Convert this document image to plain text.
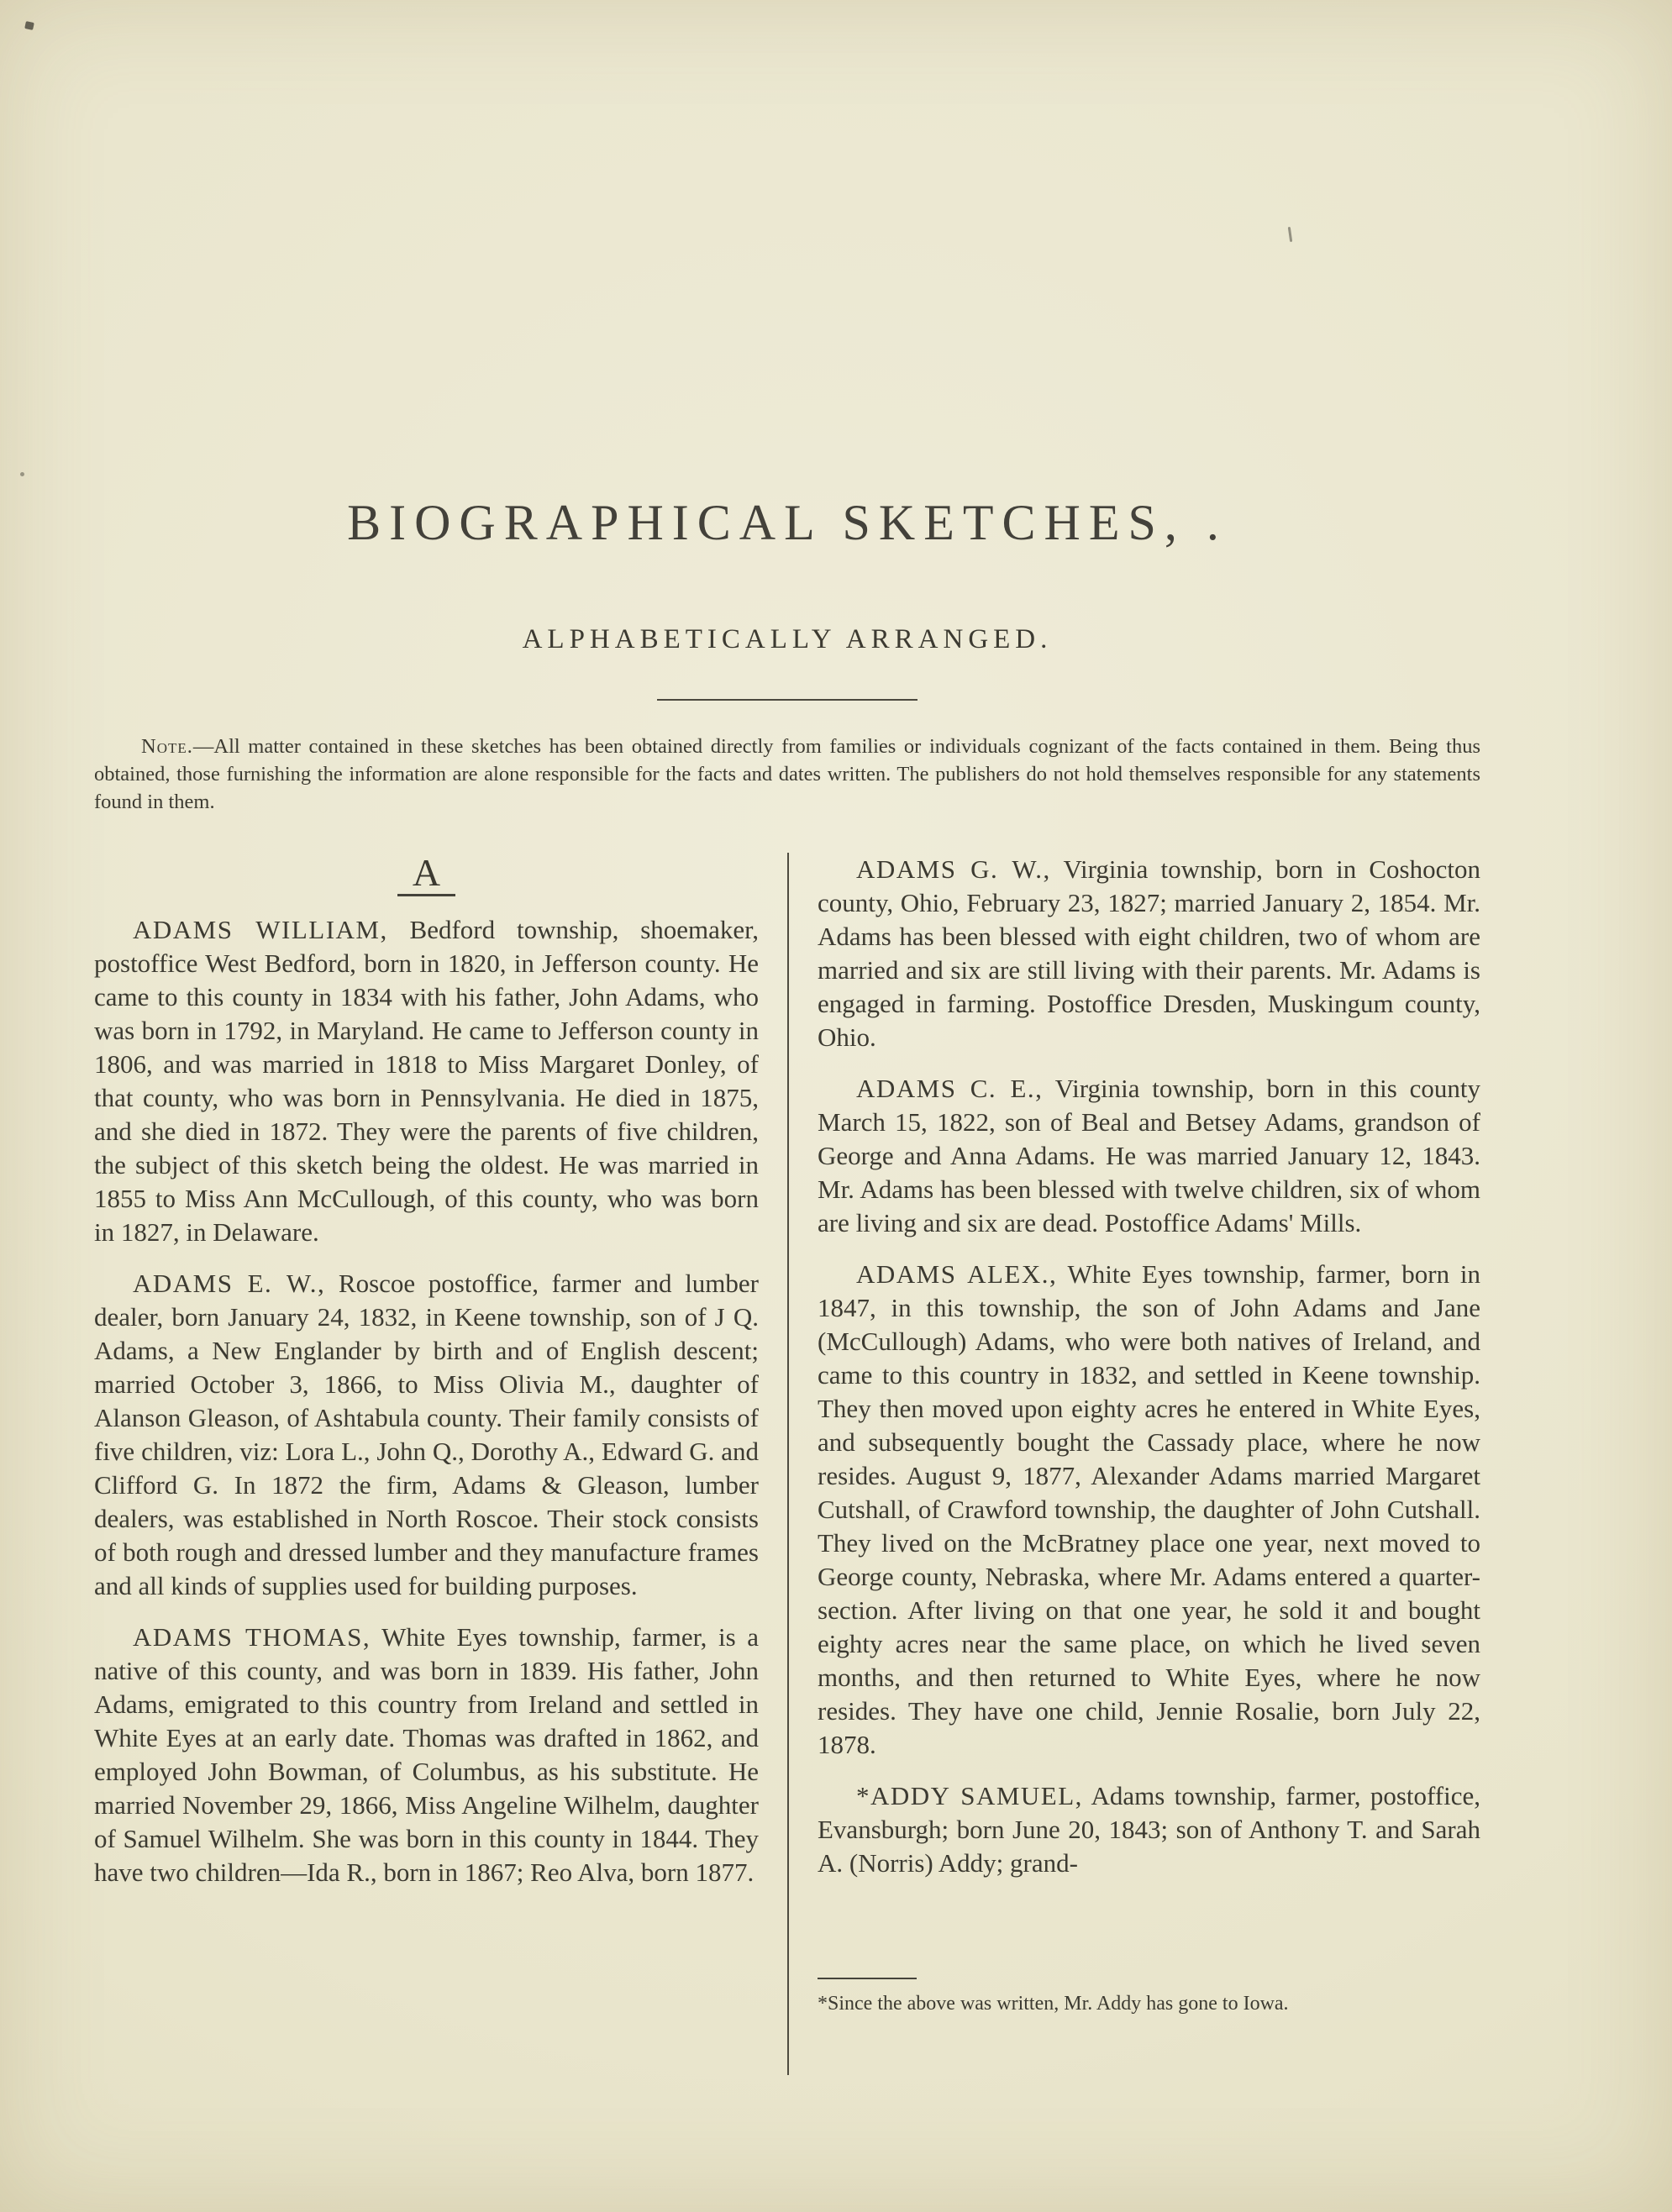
BIOGRAPHICAL SKETCHES, .
ALPHABETICALLY ARRANGED.

Note.—All matter contained in these sketches has been obtained directly from families or individuals cognizant of the facts contained in them. Being thus obtained, those furnishing the information are alone responsible for the facts and dates written. The publishers do not hold themselves responsible for any statements found in them.

A

ADAMS WILLIAM, Bedford township, shoemaker, postoffice West Bedford, born in 1820, in Jefferson county. He came to this county in 1834 with his father, John Adams, who was born in 1792, in Maryland. He came to Jefferson county in 1806, and was married in 1818 to Miss Margaret Donley, of that county, who was born in Pennsylvania. He died in 1875, and she died in 1872. They were the parents of five children, the subject of this sketch being the oldest. He was married in 1855 to Miss Ann McCullough, of this county, who was born in 1827, in Delaware.

ADAMS E. W., Roscoe postoffice, farmer and lumber dealer, born January 24, 1832, in Keene township, son of J Q. Adams, a New Englander by birth and of English descent; married October 3, 1866, to Miss Olivia M., daughter of Alanson Gleason, of Ashtabula county. Their family consists of five children, viz: Lora L., John Q., Dorothy A., Edward G. and Clifford G. In 1872 the firm, Adams & Gleason, lumber dealers, was established in North Roscoe. Their stock consists of both rough and dressed lumber and they manufacture frames and all kinds of supplies used for building purposes.

ADAMS THOMAS, White Eyes township, farmer, is a native of this county, and was born in 1839. His father, John Adams, emigrated to this country from Ireland and settled in White Eyes at an early date. Thomas was drafted in 1862, and employed John Bowman, of Columbus, as his substitute. He married November 29, 1866, Miss Angeline Wilhelm, daughter of Samuel Wilhelm. She was born in this county in 1844. They have two children—Ida R., born in 1867; Reo Alva, born 1877.

ADAMS G. W., Virginia township, born in Coshocton county, Ohio, February 23, 1827; married January 2, 1854. Mr. Adams has been blessed with eight children, two of whom are married and six are still living with their parents. Mr. Adams is engaged in farming. Postoffice Dresden, Muskingum county, Ohio.

ADAMS C. E., Virginia township, born in this county March 15, 1822, son of Beal and Betsey Adams, grandson of George and Anna Adams. He was married January 12, 1843. Mr. Adams has been blessed with twelve children, six of whom are living and six are dead. Postoffice Adams' Mills.

ADAMS ALEX., White Eyes township, farmer, born in 1847, in this township, the son of John Adams and Jane (McCullough) Adams, who were both natives of Ireland, and came to this country in 1832, and settled in Keene township. They then moved upon eighty acres he entered in White Eyes, and subsequently bought the Cassady place, where he now resides. August 9, 1877, Alexander Adams married Margaret Cutshall, of Crawford township, the daughter of John Cutshall. They lived on the McBratney place one year, next moved to George county, Nebraska, where Mr. Adams entered a quarter-section. After living on that one year, he sold it and bought eighty acres near the same place, on which he lived seven months, and then returned to White Eyes, where he now resides. They have one child, Jennie Rosalie, born July 22, 1878.

*ADDY SAMUEL, Adams township, farmer, postoffice, Evansburgh; born June 20, 1843; son of Anthony T. and Sarah A. (Norris) Addy; grand-

*Since the above was written, Mr. Addy has gone to Iowa.
